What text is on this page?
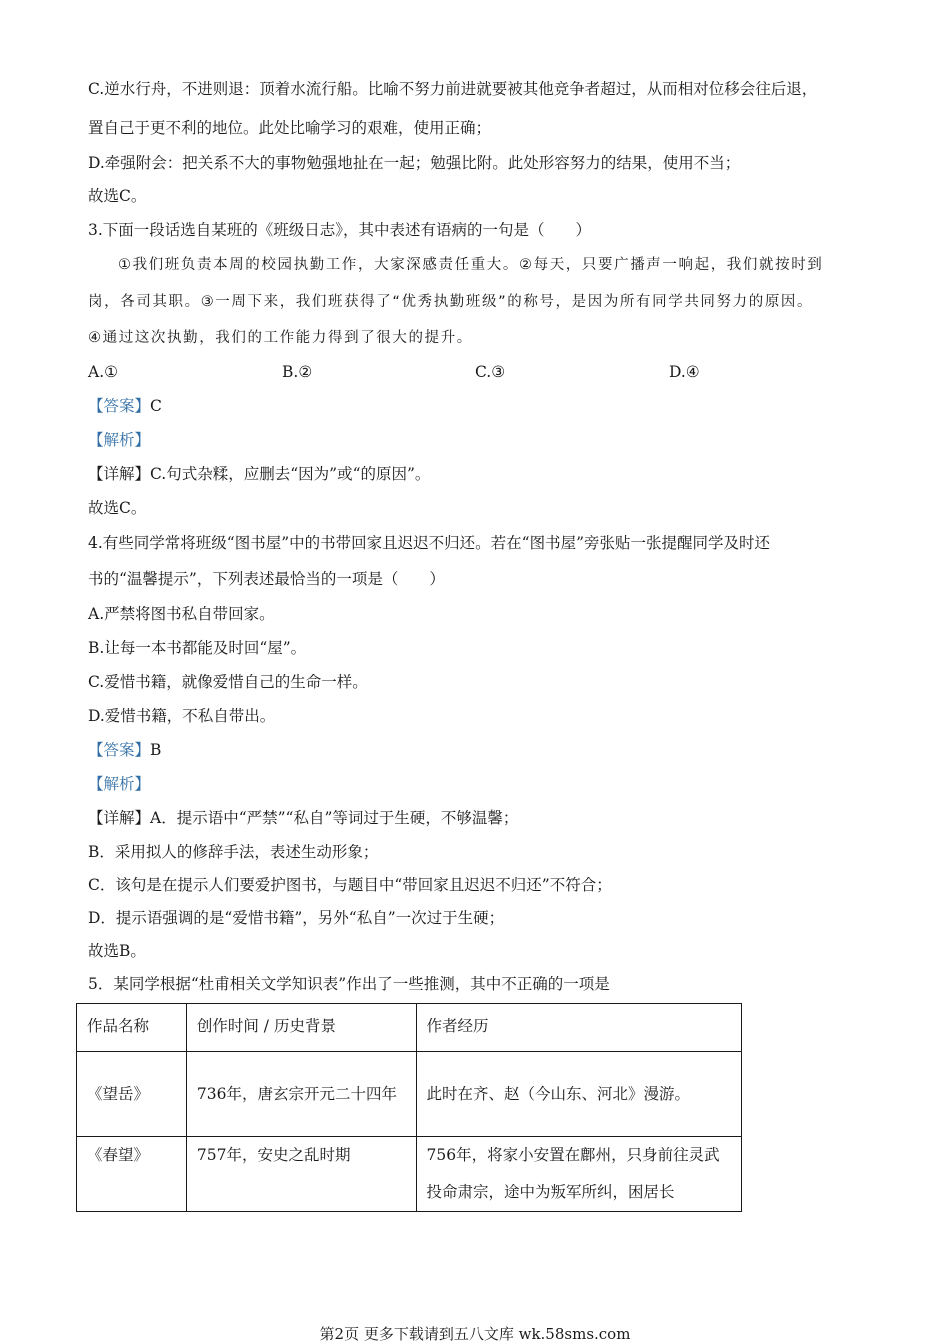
C.逆水行舟，不进则退：顶着水流行船。比喻不努力前进就要被其他竞争者超过，从而相对位移会往后退，
置自己于更不利的地位。此处比喻学习的艰难，使用正确；
D.牵强附会：把关系不大的事物勉强地扯在一起；勉强比附。此处形容努力的结果，使用不当；
故选C。
3.下面一段话选自某班的《班级日志》，其中表述有语病的一句是（　　）
①我们班负责本周的校园执勤工作，大家深感责任重大。②每天，只要广播声一响起，我们就按时到
岗，各司其职。③一周下来，我们班获得了“优秀执勤班级”的称号，是因为所有同学共同努力的原因。
④通过这次执勤，我们的工作能力得到了很大的提升。
A.①	B.②	C.③	D.④
【答案】C
【解析】
【详解】C.句式杂糅，应删去“因为”或“的原因”。
故选C。
4.有些同学常将班级“图书屋”中的书带回家且迟迟不归还。若在“图书屋”旁张贴一张提醒同学及时还
书的“温馨提示”，下列表述最恰当的一项是（　　）
A.严禁将图书私自带回家。
B.让每一本书都能及时回“屋”。
C.爱惜书籍，就像爱惜自己的生命一样。
D.爱惜书籍，不私自带出。
【答案】B
【解析】
【详解】A．提示语中“严禁”“私自”等词过于生硬，不够温馨；
B．采用拟人的修辞手法，表述生动形象；
C．该句是在提示人们要爱护图书，与题目中“带回家且迟迟不归还”不符合；
D．提示语强调的是“爱惜书籍”，另外“私自”一次过于生硬；
故选B。
5．某同学根据“杜甫相关文学知识表”作出了一些推测，其中不正确的一项是
作品名称	创作时间 / 历史背景	作者经历
《望岳》	736年，唐玄宗开元二十四年	此时在齐、赵（今山东、河北》漫游。
《春望》	757年，安史之乱时期	756年，将家小安置在鄜州，只身前往灵武投命肃宗，途中为叛军所纠，困居长
第2页 更多下载请到五八文库 wk.58sms.com
